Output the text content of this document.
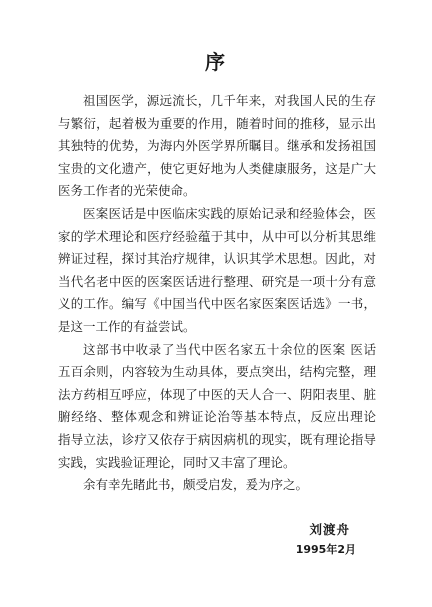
序
祖国医学，源远流长，几千年来，对我国人民的生存
与繁衍，起着极为重要的作用，随着时间的推移，显示出
其独特的优势，为海内外医学界所瞩目。继承和发扬祖国
宝贵的文化遗产，使它更好地为人类健康服务，这是广大
医务工作者的光荣使命。
医案医话是中医临床实践的原始记录和经验体会，医
家的学术理论和医疗经验蕴于其中，从中可以分析其思维
辨证过程，探讨其治疗规律，认识其学术思想。因此，对
当代名老中医的医案医话进行整理、研究是一项十分有意
义的工作。编写《中国当代中医名家医案医话选》一书，
是这一工作的有益尝试。
这部书中收录了当代中医名家五十余位的医案 医话
五百余则，内容较为生动具体，要点突出，结构完整，理
法方药相互呼应，体现了中医的天人合一、阴阳表里、脏
腑经络、整体观念和辨证论治等基本特点，反应出理论
指导立法，诊疗又依存于病因病机的现实，既有理论指导
实践，实践验证理论，同时又丰富了理论。
余有幸先睹此书，颇受启发，爰为序之。
刘渡舟
1995年2月
